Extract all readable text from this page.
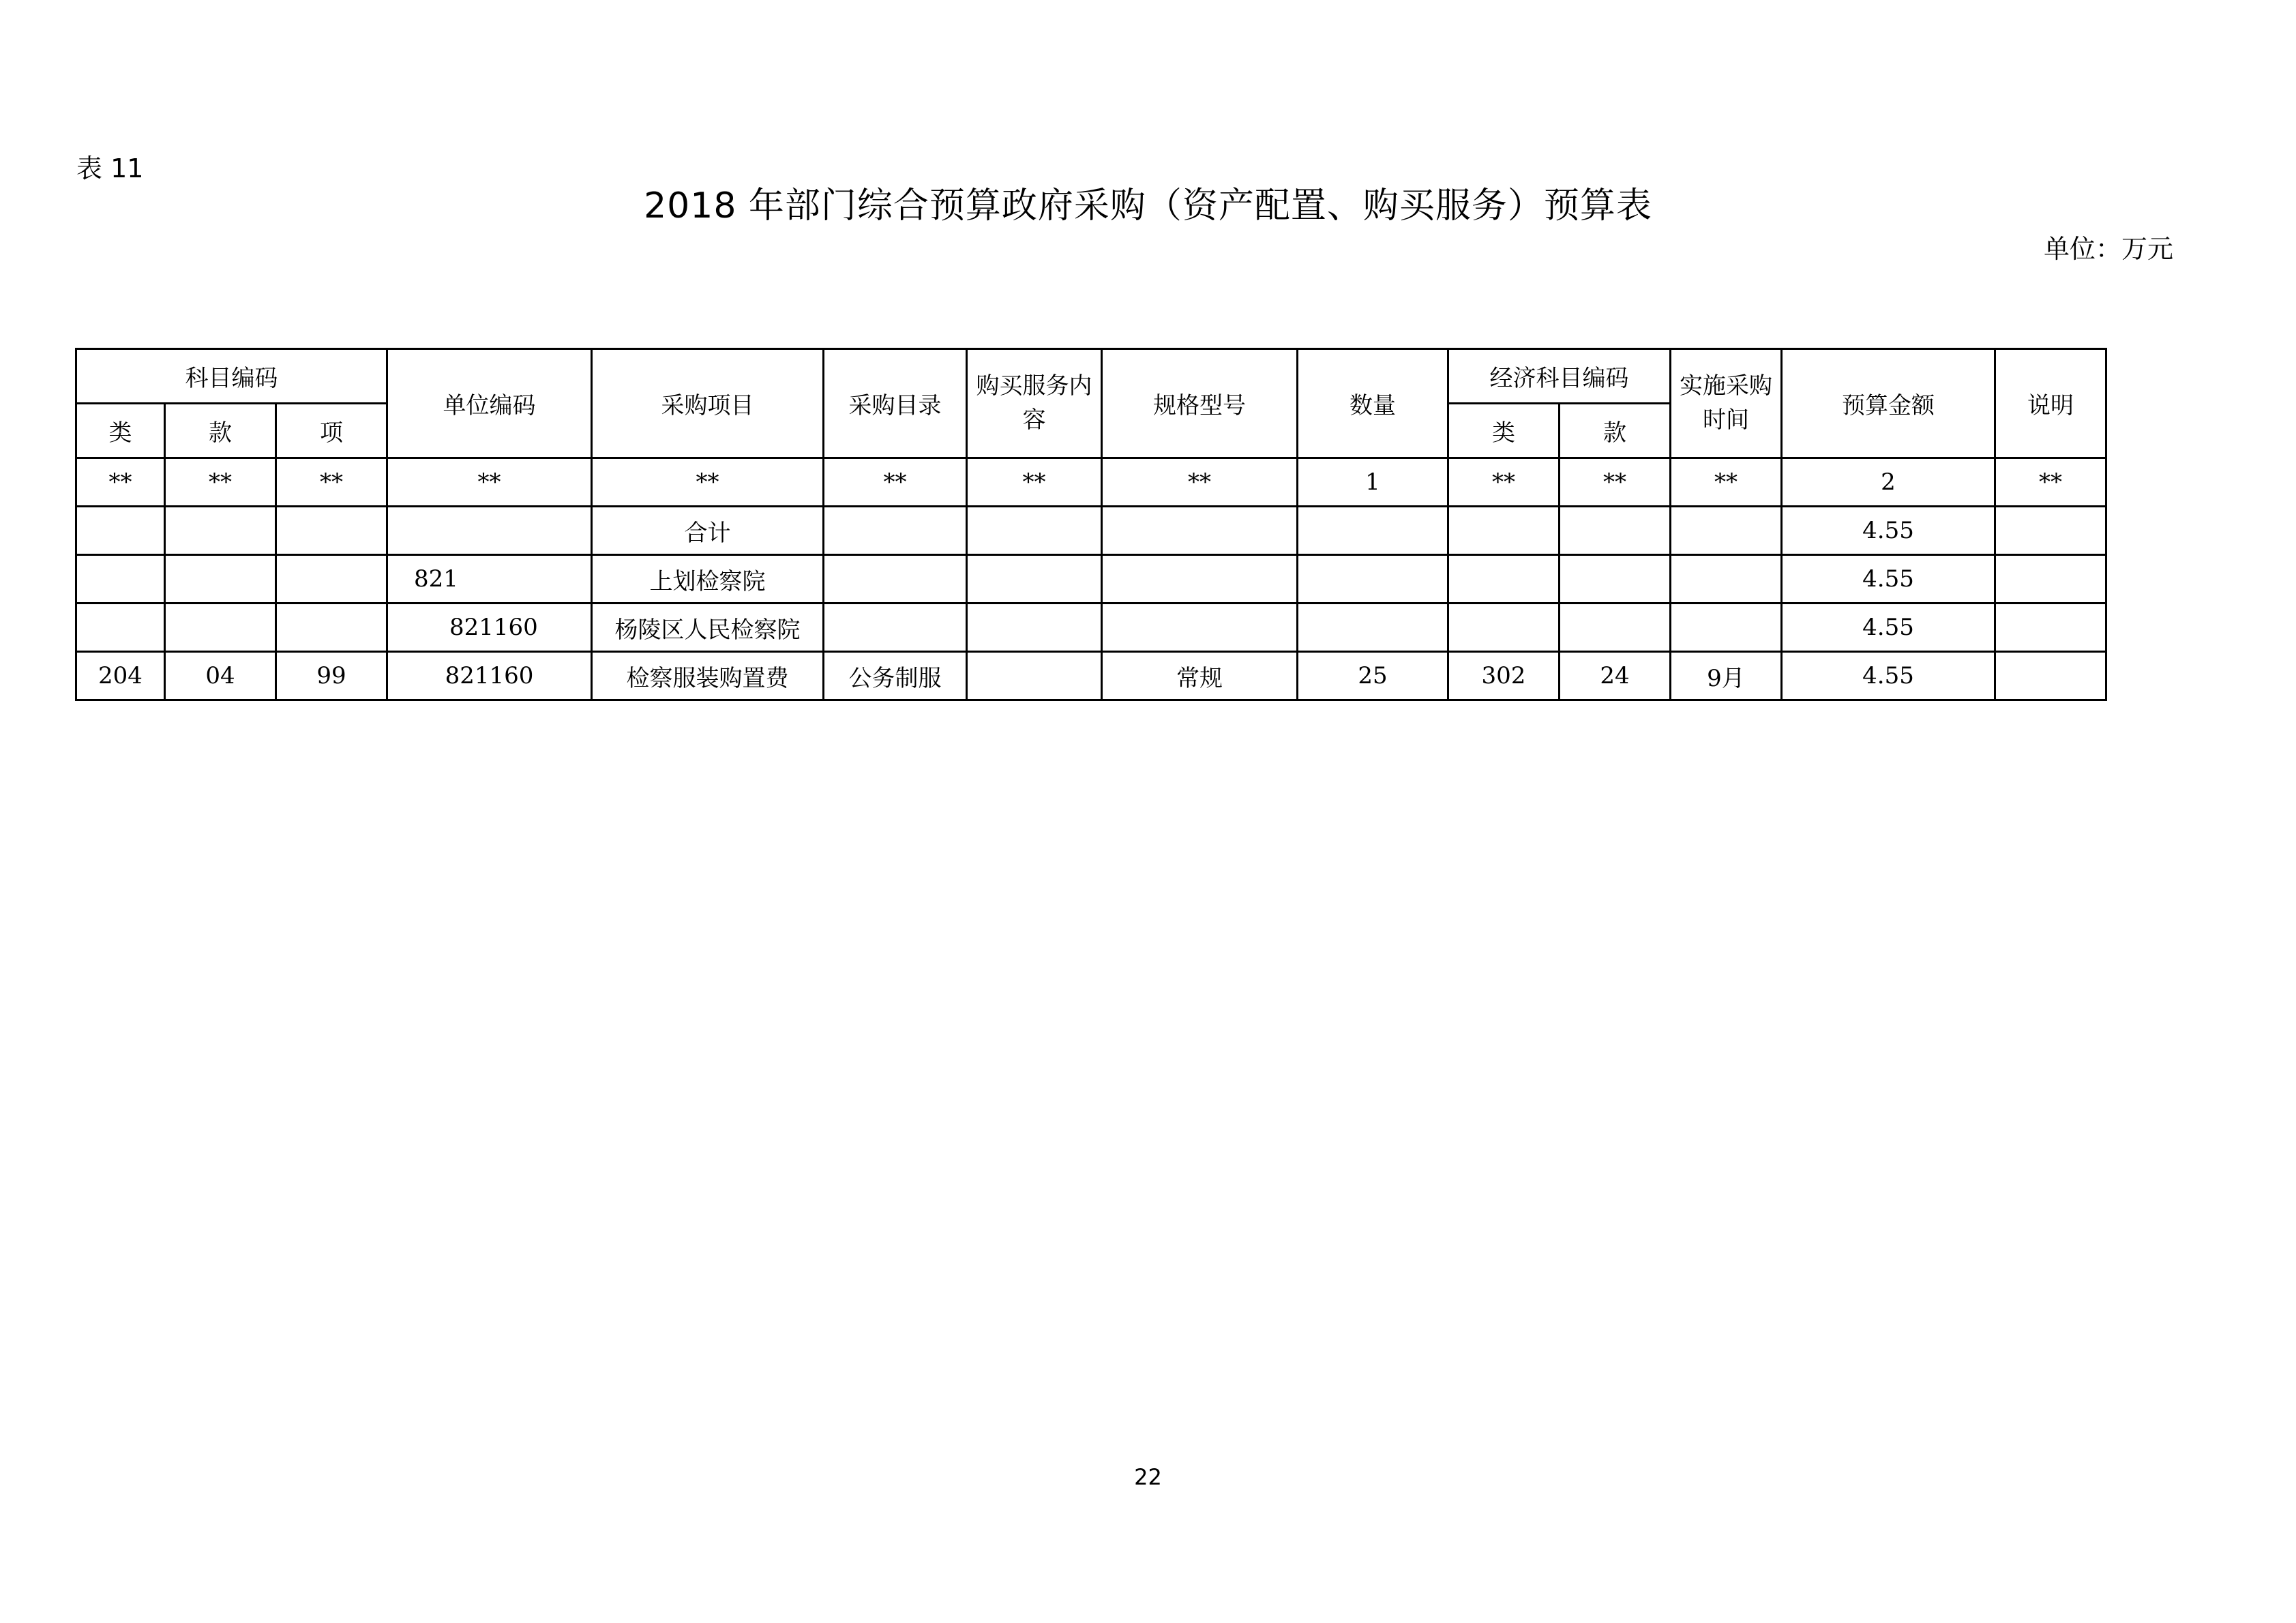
表 11
2018 年部门综合预算政府采购（资产配置、购买服务）预算表
单位：万元
科目编码			单位编码	采购项目	采购目录	购买服务内容	规格型号	数量	经济科目编码		实施采购时间	预算金额	说明
类	款	项							类	款			
**	**	**	**	**	**	**	**	1	**	**	**	2	**
				合计								4.55	
			821	上划检察院								4.55	
			821160	杨陵区人民检察院								4.55	
204	04	99	821160	检察服装购置费	公务制服		常规	25	302	24	9月	4.55	
22
